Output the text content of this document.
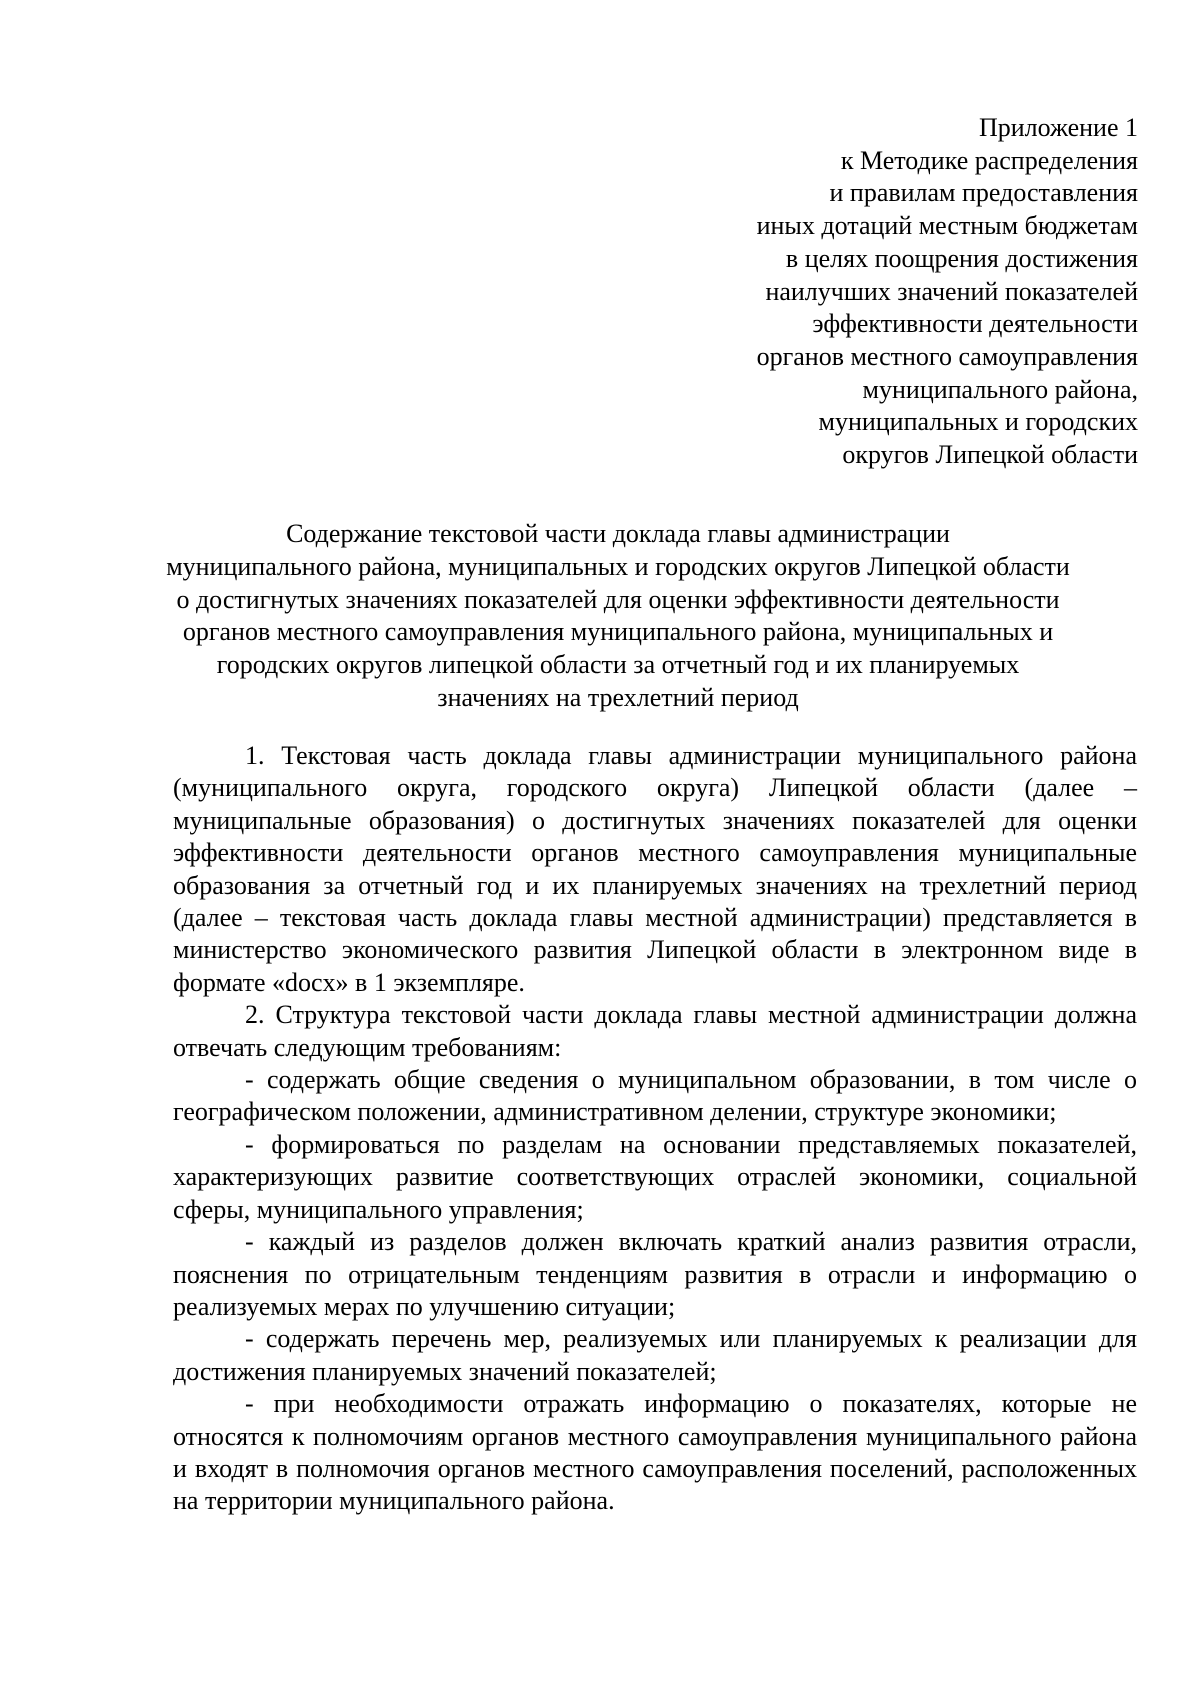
Приложение 1
к Методике распределения
и правилам предоставления
иных дотаций местным бюджетам
в целях поощрения достижения
наилучших значений показателей
эффективности деятельности
органов местного самоуправления
муниципального района,
муниципальных и городских
округов Липецкой области
Содержание текстовой части доклада главы администрации
муниципального района, муниципальных и городских округов Липецкой области
о достигнутых значениях показателей для оценки эффективности деятельности
органов местного самоуправления муниципального района, муниципальных и
городских округов липецкой области за отчетный год и их планируемых
значениях на трехлетний период

1. Текстовая часть доклада главы администрации муниципального района (муниципального округа, городского округа) Липецкой области (далее – муниципальные образования) о достигнутых значениях показателей для оценки эффективности деятельности органов местного самоуправления муниципальные образования за отчетный год и их планируемых значениях на трехлетний период (далее – текстовая часть доклада главы местной администрации) представляется в министерство экономического развития Липецкой области в электронном виде в формате «docx» в 1 экземпляре.

2. Структура текстовой части доклада главы местной администрации должна отвечать следующим требованиям:

- содержать общие сведения о муниципальном образовании, в том числе о географическом положении, административном делении, структуре экономики;

- формироваться по разделам на основании представляемых показателей, характеризующих развитие соответствующих отраслей экономики, социальной сферы, муниципального управления;

- каждый из разделов должен включать краткий анализ развития отрасли, пояснения по отрицательным тенденциям развития в отрасли и информацию о реализуемых мерах по улучшению ситуации;

- содержать перечень мер, реализуемых или планируемых к реализации для достижения планируемых значений показателей;

- при необходимости отражать информацию о показателях, которые не относятся к полномочиям органов местного самоуправления муниципального района и входят в полномочия органов местного самоуправления поселений, расположенных на территории муниципального района.
